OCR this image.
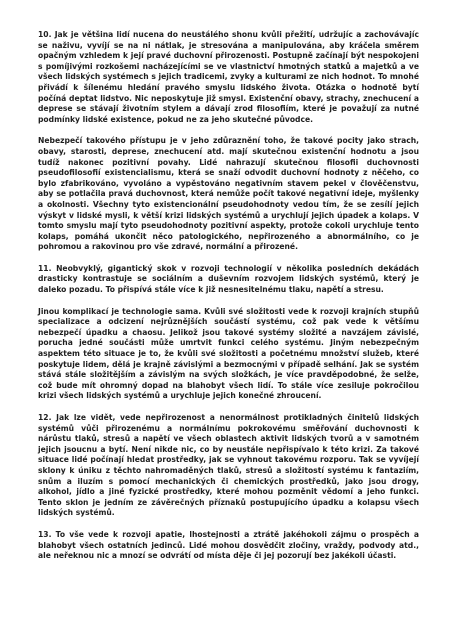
10. Jak je většina lidí nucena do neustálého shonu kvůli přežití, udržujíc a zachovávajíc se naživu, vyvíjí se na ni nátlak, je stresována a manipulována, aby kráčela směrem opačným vzhledem k její pravé duchovní přirozenosti. Postupně začínají být nespokojeni s pomíjivými rozkošemi nacházejícími se ve vlastnictví hmotných statků a majetků a ve všech lidských systémech s jejich tradicemi, zvyky a kulturami ze nich hodnot. To mnohé přivádí k šílenému hledání pravého smyslu lidského života. Otázka o hodnotě bytí počíná deptat lidstvo. Nic neposkytuje již smysl. Existenční obavy, strachy, znechucení a deprese se stávají životním stylem a dávají zrod filosofiím, které je považují za nutné podmínky lidské existence, pokud ne za jeho skutečné původce.

Nebezpečí takového přístupu je v jeho zdůraznění toho, že takové pocity jako strach, obavy, starosti, deprese, znechucení atd. mají skutečnou existenční hodnotu a jsou tudíž nakonec pozitivní povahy. Lidé nahrazují skutečnou filosofii duchovnosti pseudofilosofií existencialismu, která se snaží odvodit duchovní hodnoty z něčeho, co bylo zfabrikováno, vyvoláno a vypěstováno negativním stavem pekel v člověčenstvu, aby se potlačila pravá duchovnost, která nemůže počít takové negativní ideje, myšlenky a okolnosti. Všechny tyto existencionální pseudohodnoty vedou tím, že se zesílí jejich výskyt v lidské mysli, k větší krizi lidských systémů a urychlují jejich úpadek a kolaps. V tomto smyslu mají tyto pseudohodnoty pozitivní aspekty, protože cokoli urychluje tento kolaps, pomáhá ukončit něco patologického, nepřirozeného a abnormálního, co je pohromou a rakovinou pro vše zdravé, normální a přirozené.

11. Neobvyklý, gigantický skok v rozvoji technologií v několika posledních dekádách drasticky kontrastuje se sociálním a duševním rozvojem lidských systémů, který je daleko pozadu. To přispívá stále více k již nesnesitelnému tlaku, napětí a stresu.

Jinou komplikací je technologie sama. Kvůli své složitosti vede k rozvoji krajních stupňů specializace a odcizení nejrůznějších součástí systému, což pak vede k většímu nebezpečí úpadku a chaosu. Jelikož jsou takové systémy složité a navzájem závislé, porucha jedné součásti může umrtvit funkci celého systému. Jiným nebezpečným aspektem této situace je to, že kvůli své složitosti a početnému množství služeb, které poskytuje lidem, dělá je krajně závislými a bezmocnými v případě selhání. Jak se systém stává stále složitějším a závislým na svých složkách, je více pravděpodobné, že selže, což bude mít ohromný dopad na blahobyt všech lidí. To stále více zesiluje pokročilou krizi všech lidských systémů a urychluje jejich konečné zhroucení.

12. Jak lze vidět, vede nepřirozenost a nenormálnost protikladných činitelů lidských systémů vůči přirozenému a normálnímu pokrokovému směřování duchovnosti k nárůstu tlaků, stresů a napětí ve všech oblastech aktivit lidských tvorů a v samotném jejich jsoucnu a bytí. Není nikde nic, co by neustále nepřispívalo k této krizi. Za takové situace lidé počínají hledat prostředky, jak se vyhnout takovému rozporu. Tak se vyvíjejí sklony k úniku z těchto nahromaděných tlaků, stresů a složitostí systému k fantaziím, snům a iluzím s pomocí mechanických či chemických prostředků, jako jsou drogy, alkohol, jídlo a jiné fyzické prostředky, které mohou pozměnit vědomí a jeho funkci. Tento sklon je jedním ze závěrečných příznaků postupujícího úpadku a kolapsu všech lidských systémů.

13. To vše vede k rozvoji apatie, lhostejnosti a ztrátě jakéhokoli zájmu o prospěch a blahobyt všech ostatních jedinců. Lidé mohou dosvědčit zločiny, vraždy, podvody atd., ale neřeknou nic a mnozí se odvrátí od místa děje či jej pozorují bez jakékoli účasti.
